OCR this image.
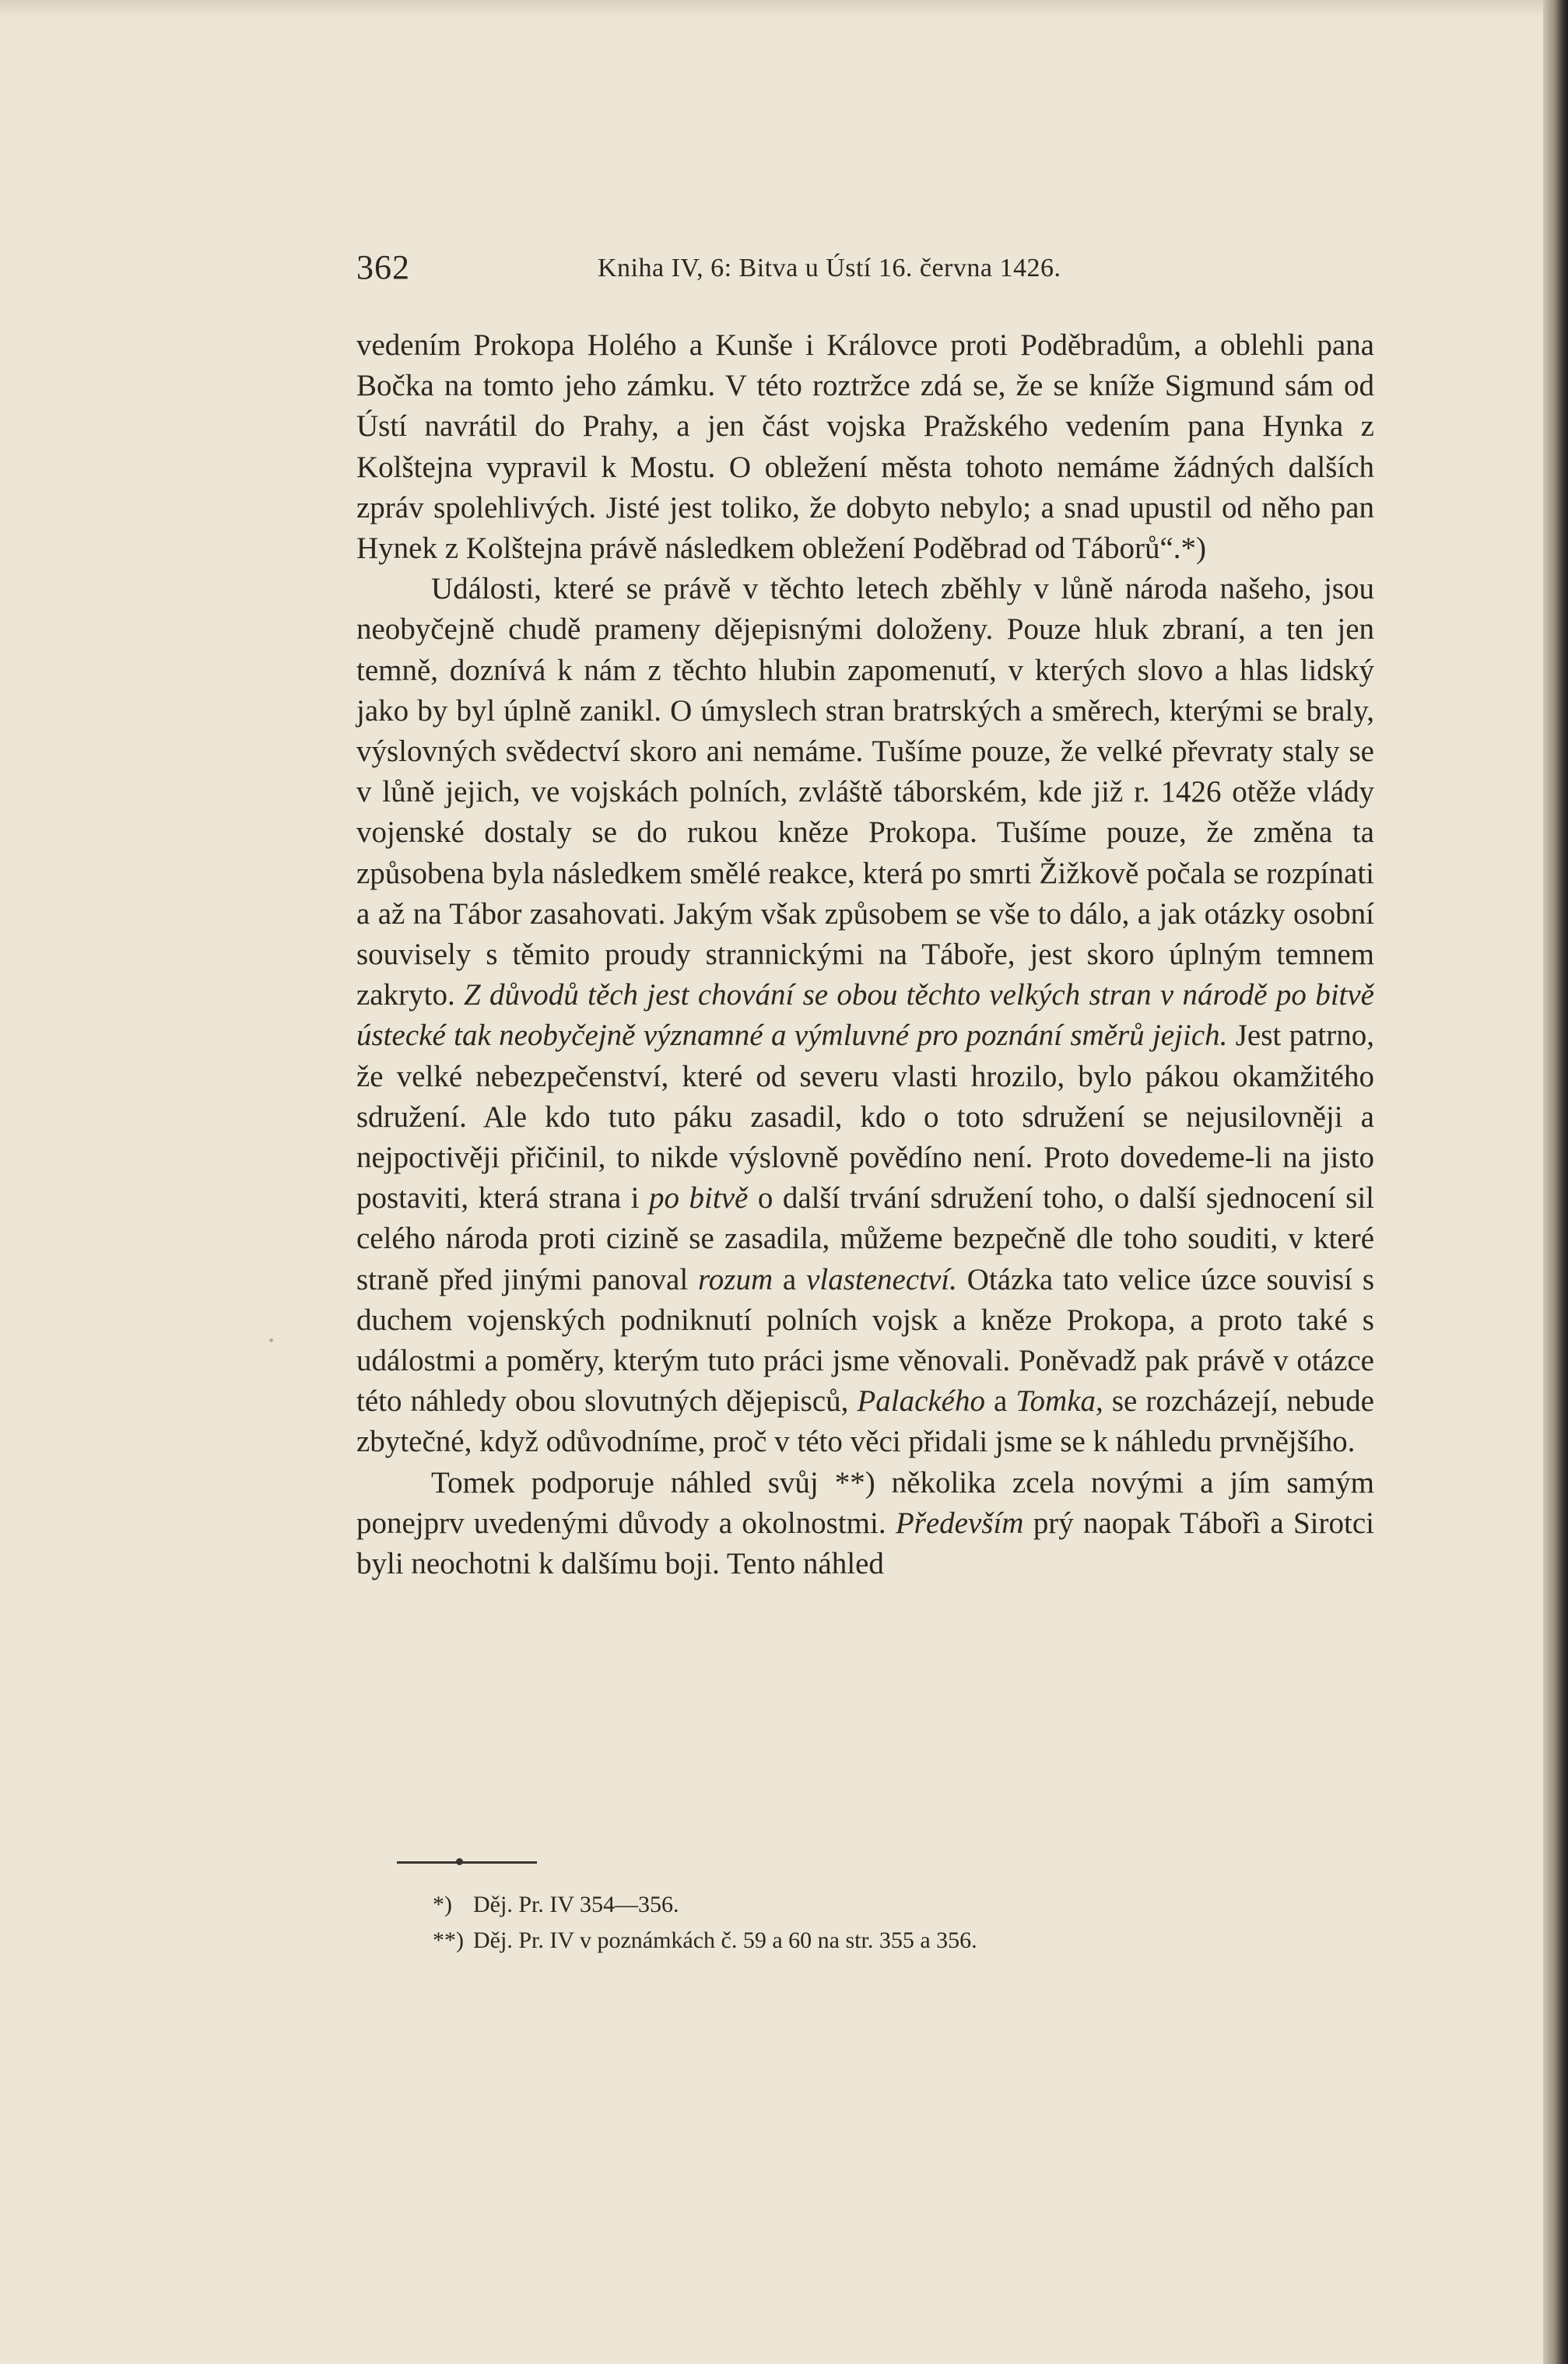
362	Kniha IV, 6: Bitva u Ústí 16. června 1426.

vedením Prokopa Holého a Kunše i Královce proti Poděbradům, a oblehli pana Bočka na tomto jeho zámku. V této roztržce zdá se, že se kníže Sigmund sám od Ústí navrátil do Prahy, a jen část vojska Pražského vedením pana Hynka z Kolštejna vypravil k Mostu. O obležení města tohoto nemáme žádných dalších zpráv spolehlivých. Jisté jest toliko, že dobyto nebylo; a snad upustil od něho pan Hynek z Kolštejna právě následkem obležení Poděbrad od Táborů“.*)

Události, které se právě v těchto letech zběhly v lůně národa našeho, jsou neobyčejně chudě prameny dějepisnými doloženy. Pouze hluk zbraní, a ten jen temně, doznívá k nám z těchto hlubin zapomenutí, v kterých slovo a hlas lidský jako by byl úplně zanikl. O úmyslech stran bratrských a směrech, kterými se braly, výslovných svědectví skoro ani nemáme. Tušíme pouze, že velké převraty staly se v lůně jejich, ve vojskách polních, zvláště táborském, kde již r. 1426 otěže vlády vojenské dostaly se do rukou kněze Prokopa. Tušíme pouze, že změna ta způsobena byla následkem smělé reakce, která po smrti Žižkově počala se rozpínati a až na Tábor zasahovati. Jakým však způsobem se vše to dálo, a jak otázky osobní souvisely s těmito proudy strannickými na Táboře, jest skoro úplným temnem zakryto. Z důvodů těch jest chování se obou těchto velkých stran v národě po bitvě ústecké tak neobyčejně významné a výmluvné pro poznání směrů jejich. Jest patrno, že velké nebezpečenství, které od severu vlasti hrozilo, bylo pákou okamžitého sdružení. Ale kdo tuto páku zasadil, kdo o toto sdružení se nejusilovněji a nejpoctivěji přičinil, to nikde výslovně povědíno není. Proto dovedeme-li na jisto postaviti, která strana i po bitvě o další trvání sdružení toho, o další sjednocení sil celého národa proti cizině se zasadila, můžeme bezpečně dle toho souditi, v které straně před jinými panoval rozum a vlastenectví. Otázka tato velice úzce souvisí s duchem vojenských podniknutí polních vojsk a kněze Prokopa, a proto také s událostmi a poměry, kterým tuto práci jsme věnovali. Poněvadž pak právě v otázce této náhledy obou slovutných dějepisců, Palackého a Tomka, se rozcházejí, nebude zbytečné, když odůvodníme, proč v této věci přidali jsme se k náhledu prvnějšího.

Tomek podporuje náhled svůj **) několika zcela novými a jím samým ponejprv uvedenými důvody a okolnostmi. Především prý naopak Tábořì a Sirotci byli neochotni k dalšímu boji. Tento náhled

*) Děj. Pr. IV 354—356.
**) Děj. Pr. IV v poznámkách č. 59 a 60 na str. 355 a 356.
